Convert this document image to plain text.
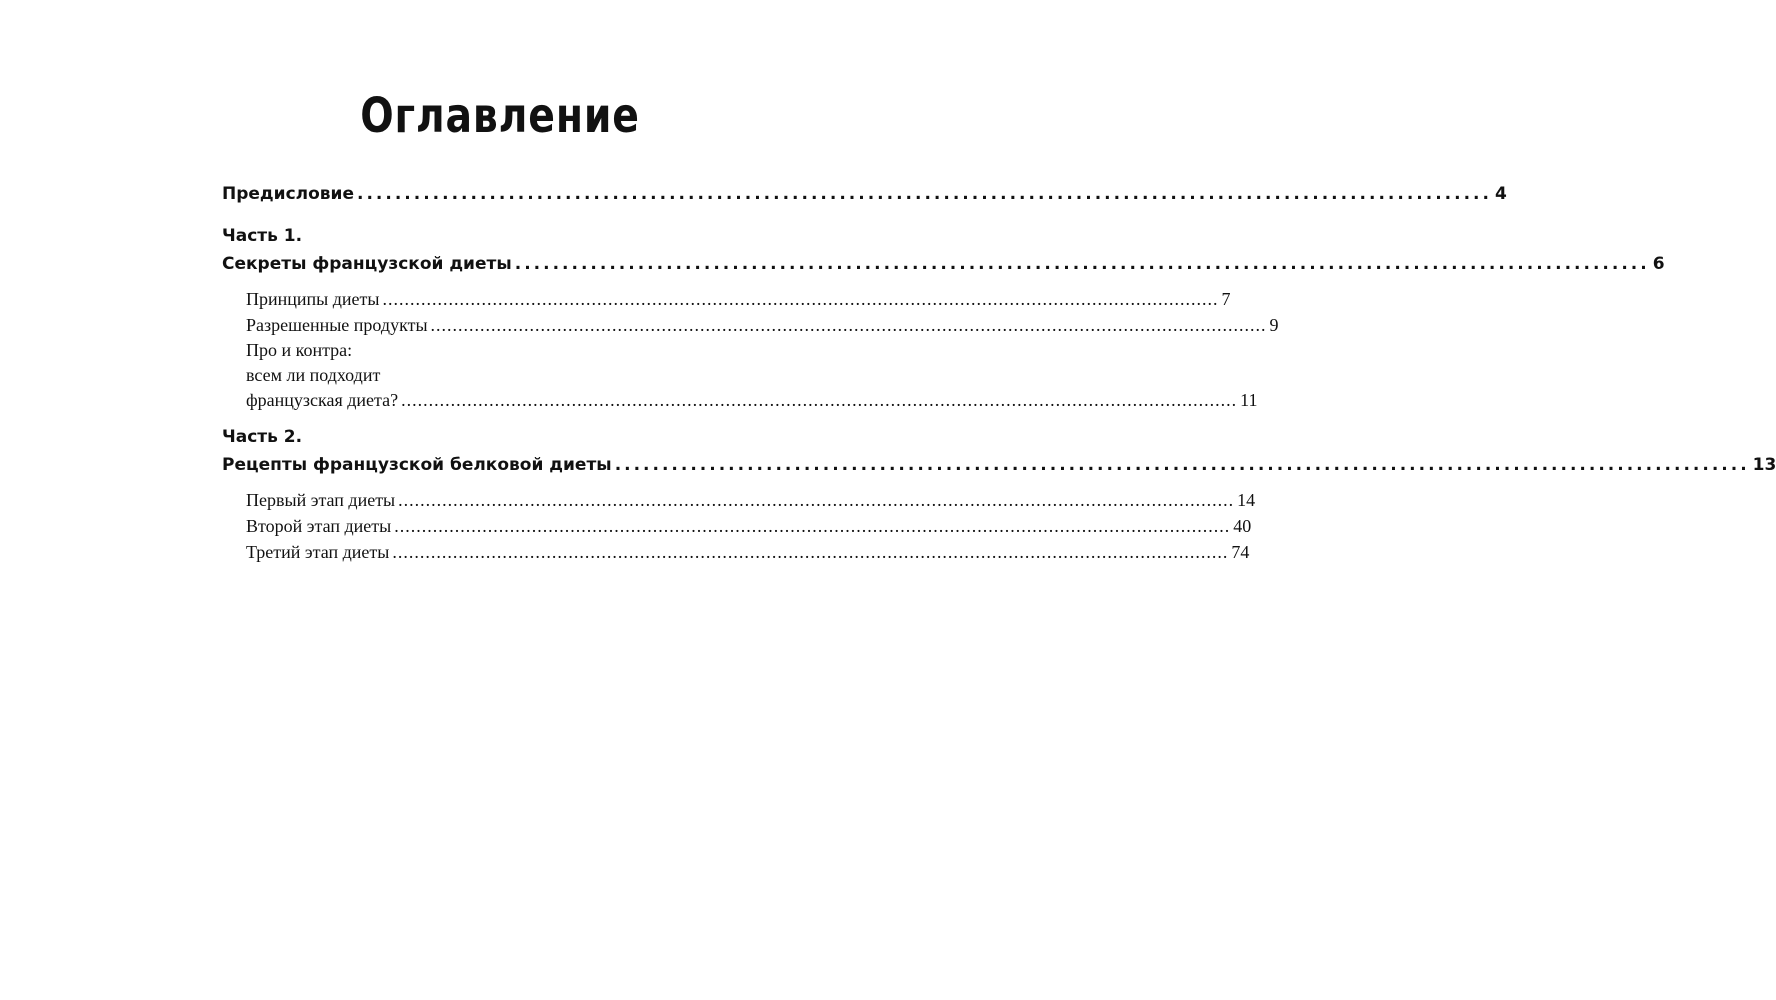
Оглавление
Предисловие ........................................................................................................................ 4
Часть 1.
Секреты французской диеты ........................................................................................................................ 6
Принципы диеты ........................................................................................................................................................ 7
Разрешенные продукты ........................................................................................................................................................ 9
Про и контра:
всем ли подходит
французская диета? ........................................................................................................................................................ 11
Часть 2.
Рецепты французской белковой диеты ........................................................................................................................ 13
Первый этап диеты ........................................................................................................................................................ 14
Второй этап диеты ........................................................................................................................................................ 40
Третий этап диеты ........................................................................................................................................................ 74
